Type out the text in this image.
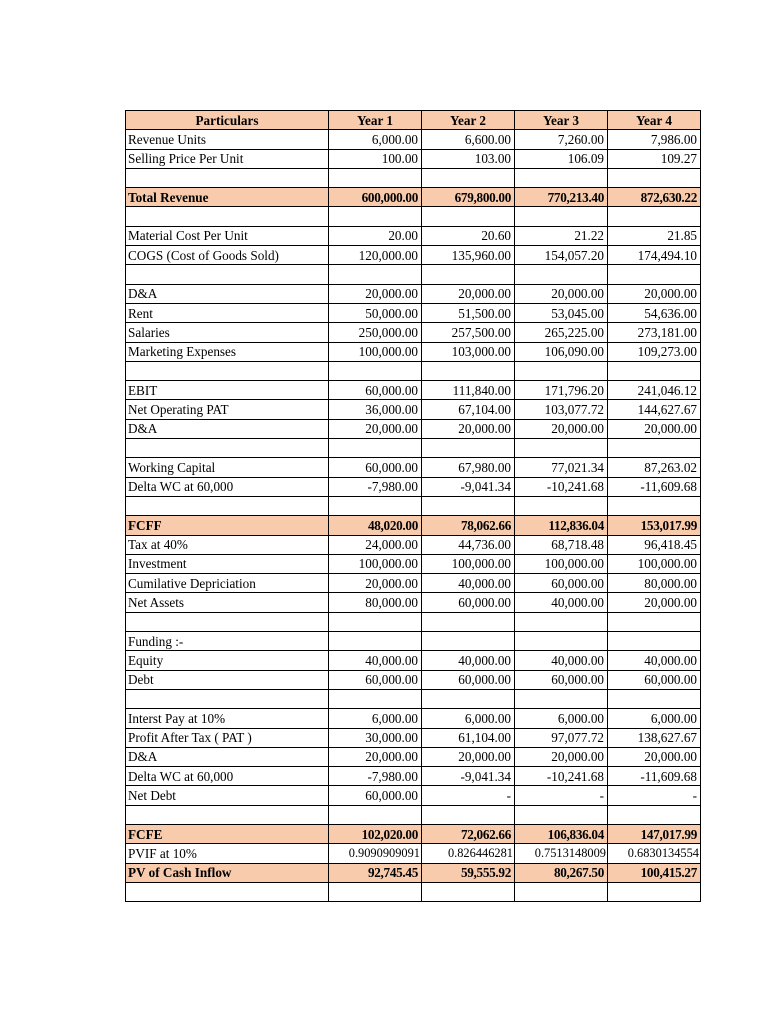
Particulars	Year 1	Year 2	Year 3	Year 4
Revenue Units	6,000.00	6,600.00	7,260.00	7,986.00
Selling Price Per Unit	100.00	103.00	106.09	109.27

Total Revenue	600,000.00	679,800.00	770,213.40	872,630.22

Material Cost Per Unit	20.00	20.60	21.22	21.85
COGS (Cost of Goods Sold)	120,000.00	135,960.00	154,057.20	174,494.10

D&A	20,000.00	20,000.00	20,000.00	20,000.00
Rent	50,000.00	51,500.00	53,045.00	54,636.00
Salaries	250,000.00	257,500.00	265,225.00	273,181.00
Marketing Expenses	100,000.00	103,000.00	106,090.00	109,273.00

EBIT	60,000.00	111,840.00	171,796.20	241,046.12
Net Operating PAT	36,000.00	67,104.00	103,077.72	144,627.67
D&A	20,000.00	20,000.00	20,000.00	20,000.00

Working Capital	60,000.00	67,980.00	77,021.34	87,263.02
Delta WC at 60,000	-7,980.00	-9,041.34	-10,241.68	-11,609.68

FCFF	48,020.00	78,062.66	112,836.04	153,017.99
Tax at 40%	24,000.00	44,736.00	68,718.48	96,418.45
Investment	100,000.00	100,000.00	100,000.00	100,000.00
Cumilative Depriciation	20,000.00	40,000.00	60,000.00	80,000.00
Net Assets	80,000.00	60,000.00	40,000.00	20,000.00

Funding :-				
Equity	40,000.00	40,000.00	40,000.00	40,000.00
Debt	60,000.00	60,000.00	60,000.00	60,000.00

Interst Pay at 10%	6,000.00	6,000.00	6,000.00	6,000.00
Profit After Tax ( PAT )	30,000.00	61,104.00	97,077.72	138,627.67
D&A	20,000.00	20,000.00	20,000.00	20,000.00
Delta WC at 60,000	-7,980.00	-9,041.34	-10,241.68	-11,609.68
Net Debt	60,000.00	-	-	-

FCFE	102,020.00	72,062.66	106,836.04	147,017.99
PVIF at 10%	0.9090909091	0.826446281	0.7513148009	0.6830134554
PV of Cash Inflow	92,745.45	59,555.92	80,267.50	100,415.27
